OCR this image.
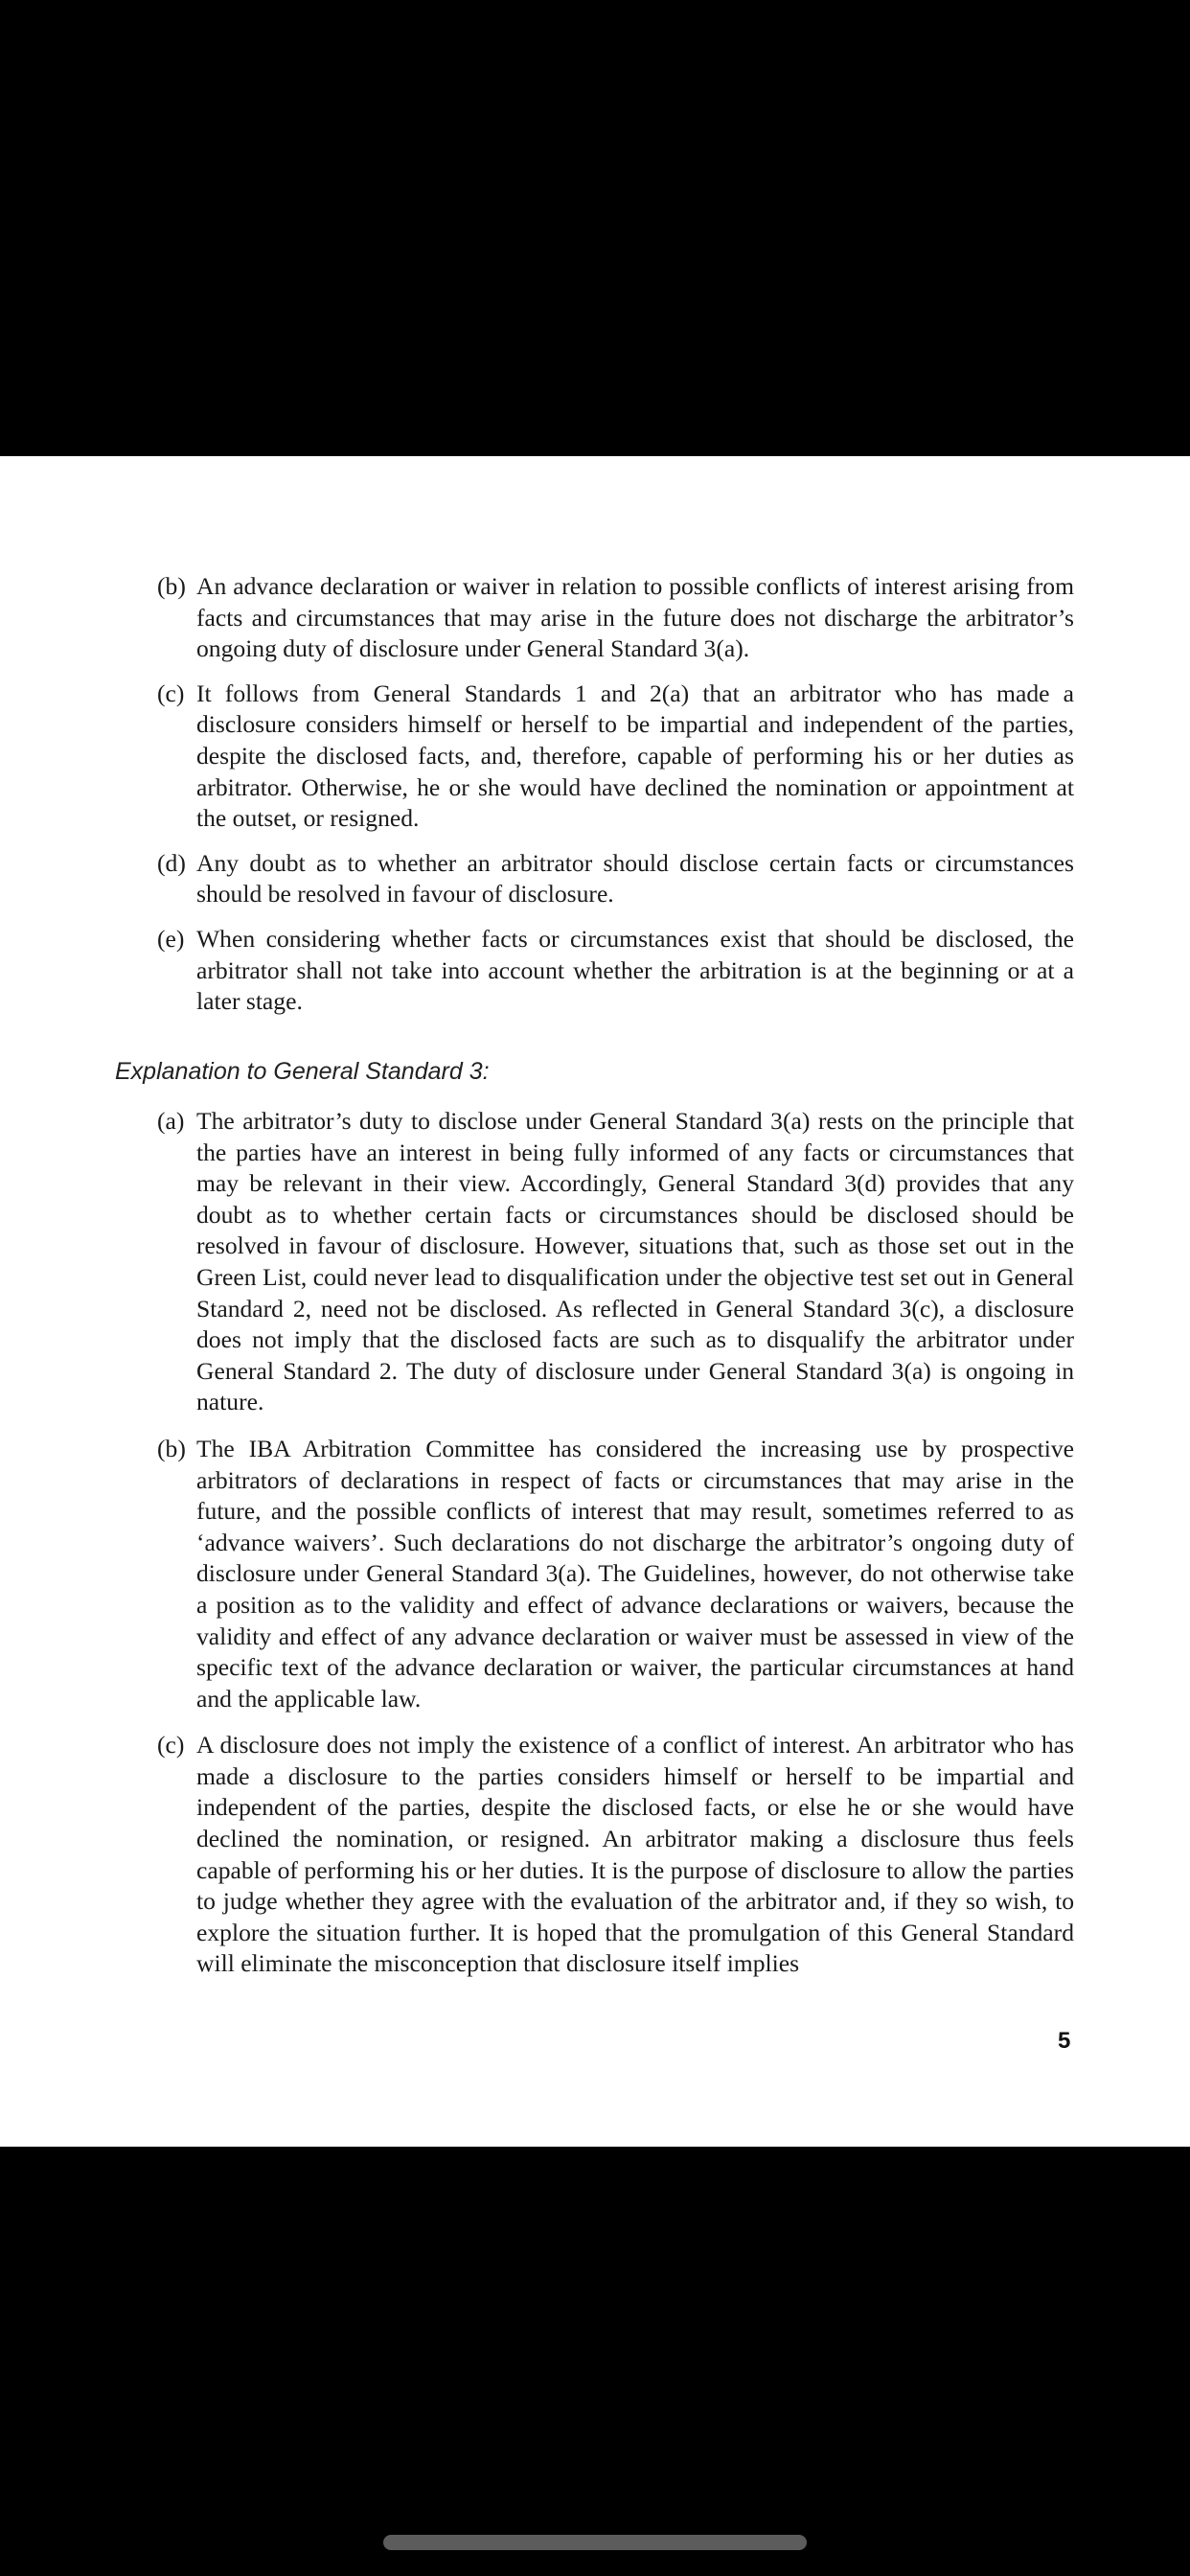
(b) An advance declaration or waiver in relation to possible conflicts of interest arising from facts and circumstances that may arise in the future does not discharge the arbitrator’s ongoing duty of disclosure under General Standard 3(a).

(c) It follows from General Standards 1 and 2(a) that an arbitrator who has made a disclosure considers himself or herself to be impartial and independent of the parties, despite the disclosed facts, and, therefore, capable of performing his or her duties as arbitrator. Otherwise, he or she would have declined the nomination or appointment at the outset, or resigned.

(d) Any doubt as to whether an arbitrator should disclose certain facts or circumstances should be resolved in favour of disclosure.

(e) When considering whether facts or circumstances exist that should be disclosed, the arbitrator shall not take into account whether the arbitration is at the beginning or at a later stage.

Explanation to General Standard 3:

(a) The arbitrator’s duty to disclose under General Standard 3(a) rests on the principle that the parties have an interest in being fully informed of any facts or circumstances that may be relevant in their view. Accordingly, General Standard 3(d) provides that any doubt as to whether certain facts or circumstances should be disclosed should be resolved in favour of disclosure. However, situations that, such as those set out in the Green List, could never lead to disqualification under the objective test set out in General Standard 2, need not be disclosed. As reflected in General Standard 3(c), a disclosure does not imply that the disclosed facts are such as to disqualify the arbitrator under General Standard 2. The duty of disclosure under General Standard 3(a) is ongoing in nature.

(b) The IBA Arbitration Committee has considered the increasing use by prospective arbitrators of declarations in respect of facts or circumstances that may arise in the future, and the possible conflicts of interest that may result, sometimes referred to as ‘advance waivers’. Such declarations do not discharge the arbitrator’s ongoing duty of disclosure under General Standard 3(a). The Guidelines, however, do not otherwise take a position as to the validity and effect of advance declarations or waivers, because the validity and effect of any advance declaration or waiver must be assessed in view of the specific text of the advance declaration or waiver, the particular circumstances at hand and the applicable law.

(c) A disclosure does not imply the existence of a conflict of interest. An arbitrator who has made a disclosure to the parties considers himself or herself to be impartial and independent of the parties, despite the disclosed facts, or else he or she would have declined the nomination, or resigned. An arbitrator making a disclosure thus feels capable of performing his or her duties. It is the purpose of disclosure to allow the parties to judge whether they agree with the evaluation of the arbitrator and, if they so wish, to explore the situation further. It is hoped that the promulgation of this General Standard will eliminate the misconception that disclosure itself implies

5
